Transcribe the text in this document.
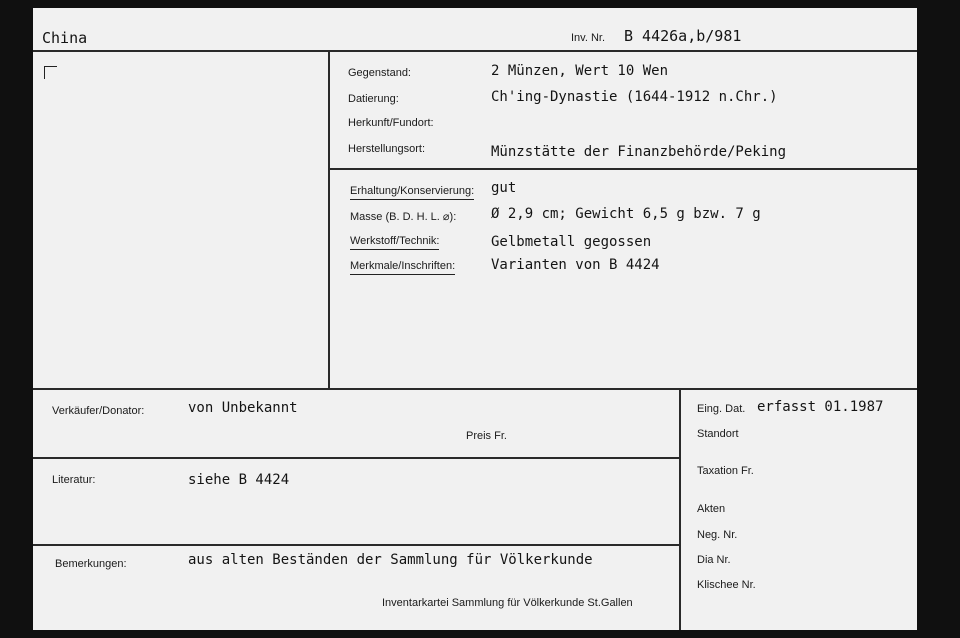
China	Inv. Nr. B 4426a,b/981
Gegenstand:	2 Münzen, Wert 10 Wen
Datierung:	Ch'ing-Dynastie (1644-1912 n.Chr.)
Herkunft/Fundort:
Herstellungsort:	Münzstätte der Finanzbehörde/Peking
Erhaltung/Konservierung: gut
Masse (B. D. H. L. ⌀): Ø 2,9 cm; Gewicht 6,5 g bzw. 7 g
Werkstoff/Technik:	Gelbmetall gegossen
Merkmale/Inschriften:	Varianten von B 4424
Verkäufer/Donator:	von Unbekannt
Preis Fr.
Literatur:	siehe B 4424
Bemerkungen:	aus alten Beständen der Sammlung für Völkerkunde
Inventarkartei Sammlung für Völkerkunde St.Gallen
Eing. Dat. erfasst 01.1987
Standort
Taxation Fr.
Akten
Neg. Nr.
Dia Nr.
Klischee Nr.
